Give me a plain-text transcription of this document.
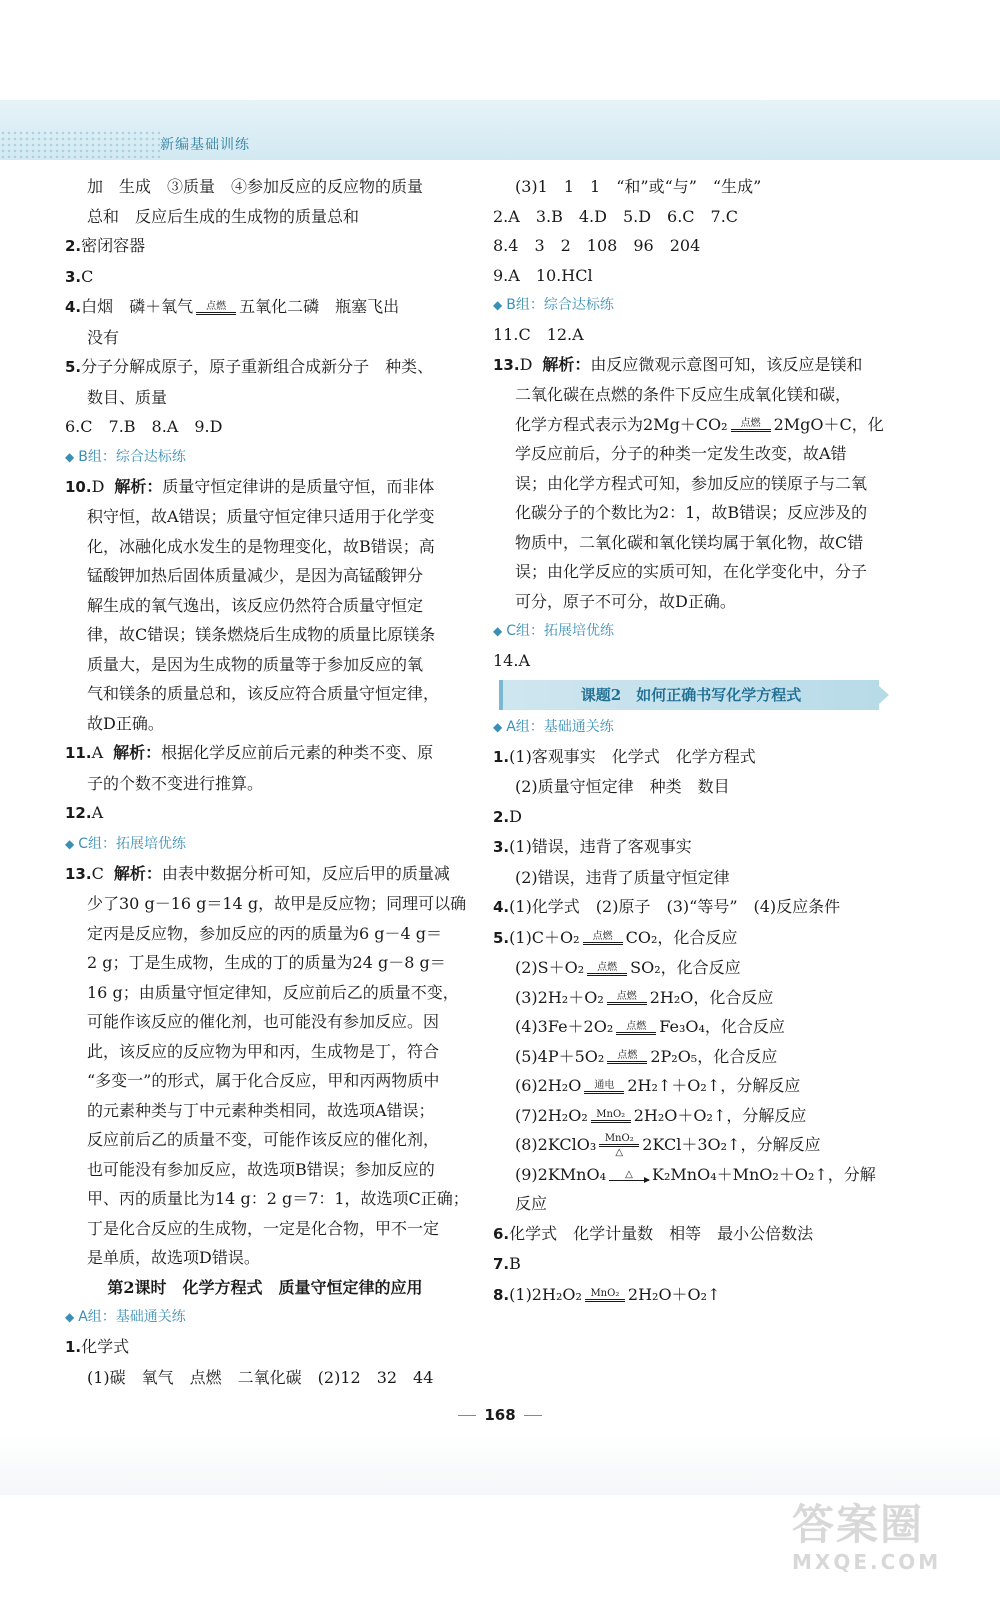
新编基础训练
加　生成　③质量　④参加反应的反应物的质量
总和　反应后生成的生成物的质量总和
2.密闭容器
3.C
4.白烟　磷＋氧气	点燃 五氧化二磷　瓶塞飞出
没有
5.分子分解成原子，原子重新组合成新分子　种类、
数目、质量
6.C　7.B　8.A　9.D
◆ B组：综合达标练
10.D 解析：质量守恒定律讲的是质量守恒，而非体
积守恒，故A错误；质量守恒定律只适用于化学变
化，冰融化成水发生的是物理变化，故B错误；高
锰酸钾加热后固体质量减少，是因为高锰酸钾分
解生成的氧气逸出，该反应仍然符合质量守恒定
律，故C错误；镁条燃烧后生成物的质量比原镁条
质量大，是因为生成物的质量等于参加反应的氧
气和镁条的质量总和，该反应符合质量守恒定律，
故D正确。
11.A 解析：根据化学反应前后元素的种类不变、原
子的个数不变进行推算。
12.A
◆ C组：拓展培优练
13.C 解析：由表中数据分析可知，反应后甲的质量减
少了30 g－16 g＝14 g，故甲是反应物；同理可以确
定丙是反应物，参加反应的丙的质量为6 g－4 g＝
2 g；丁是生成物，生成的丁的质量为24 g－8 g＝
16 g；由质量守恒定律知，反应前后乙的质量不变，
可能作该反应的催化剂，也可能没有参加反应。因
此，该反应的反应物为甲和丙，生成物是丁，符合
“多变一”的形式，属于化合反应，甲和丙两物质中
的元素种类与丁中元素种类相同，故选项A错误；
反应前后乙的质量不变，可能作该反应的催化剂，
也可能没有参加反应，故选项B错误；参加反应的
甲、丙的质量比为14 g：2 g＝7：1，故选项C正确；
丁是化合反应的生成物，一定是化合物，甲不一定
是单质，故选项D错误。
第2课时　化学方程式　质量守恒定律的应用
◆ A组：基础通关练
1.化学式
(1)碳　氧气　点燃　二氧化碳　(2)12　32　44
(3)1　1　1　“和”或“与”　“生成”
2.A　3.B　4.D　5.D　6.C　7.C
8.4　3　2　108　96　204
9.A　10.HCl
◆ B组：综合达标练
11.C　12.A
13.D 解析：由反应微观示意图可知，该反应是镁和
二氧化碳在点燃的条件下反应生成氧化镁和碳，
化学方程式表示为2Mg＋CO₂	点燃 2MgO＋C，化
学反应前后，分子的种类一定发生改变，故A错
误；由化学方程式可知，参加反应的镁原子与二氧
化碳分子的个数比为2：1，故B错误；反应涉及的
物质中，二氧化碳和氧化镁均属于氧化物，故C错
误；由化学反应的实质可知，在化学变化中，分子
可分，原子不可分，故D正确。
◆ C组：拓展培优练
14.A
课题2　如何正确书写化学方程式
◆ A组：基础通关练
1.(1)客观事实　化学式　化学方程式
(2)质量守恒定律　种类　数目
2.D
3.(1)错误，违背了客观事实
(2)错误，违背了质量守恒定律
4.(1)化学式　(2)原子　(3)“等号”　(4)反应条件
5.(1)C＋O₂	点燃 CO₂，化合反应
(2)S＋O₂	点燃 SO₂，化合反应
(3)2H₂＋O₂	点燃 2H₂O，化合反应
(4)3Fe＋2O₂	点燃 Fe₃O₄，化合反应
(5)4P＋5O₂	点燃 2P₂O₅，化合反应
(6)2H₂O	通电 2H₂↑＋O₂↑，分解反应
(7)2H₂O₂ MnO₂ 2H₂O＋O₂↑，分解反应
(8)2KClO₃ MnO₂
△	2KCl＋3O₂↑，分解反应
(9)2KMnO₄	△	K₂MnO₄＋MnO₂＋O₂↑，分解
反应
6.化学式　化学计量数　相等　最小公倍数法
7.B
8.(1)2H₂O₂ MnO₂ 2H₂O＋O₂↑
168
答案圈
MXQE.COM
